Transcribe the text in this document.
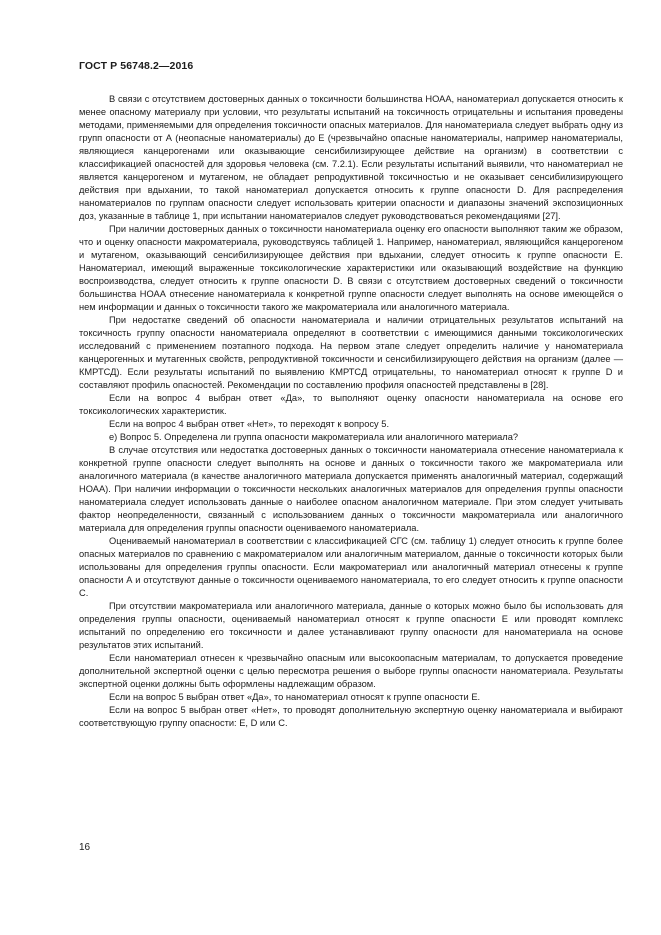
ГОСТ Р 56748.2—2016

В связи с отсутствием достоверных данных о токсичности большинства НОАА, наноматериал допускается относить к менее опасному материалу при условии, что результаты испытаний на токсичность отрицательны и испытания проведены методами, применяемыми для определения токсичности опасных материалов. Для наноматериала следует выбрать одну из групп опасности от А (неопасные наноматериалы) до Е (чрезвычайно опасные наноматериалы, например наноматериалы, являющиеся канцерогенами или оказывающие сенсибилизирующее действие на организм) в соответствии с классификацией опасностей для здоровья человека (см. 7.2.1). Если результаты испытаний выявили, что наноматериал не является канцерогеном и мутагеном, не обладает репродуктивной токсичностью и не оказывает сенсибилизирующего действия при вдыхании, то такой наноматериал допускается относить к группе опасности D. Для распределения наноматериалов по группам опасности следует использовать критерии опасности и диапазоны значений экспозиционных доз, указанные в таблице 1, при испытании наноматериалов следует руководствоваться рекомендациями [27].

При наличии достоверных данных о токсичности наноматериала оценку его опасности выполняют таким же образом, что и оценку опасности макроматериала, руководствуясь таблицей 1. Например, наноматериал, являющийся канцерогеном и мутагеном, оказывающий сенсибилизирующее действия при вдыхании, следует относить к группе опасности Е. Наноматериал, имеющий выраженные токсикологические характеристики или оказывающий воздействие на функцию воспроизводства, следует относить к группе опасности D. В связи с отсутствием достоверных сведений о токсичности большинства НОАА отнесение наноматериала к конкретной группе опасности следует выполнять на основе имеющейся о нем информации и данных о токсичности такого же макроматериала или аналогичного материала.

При недостатке сведений об опасности наноматериала и наличии отрицательных результатов испытаний на токсичность группу опасности наноматериала определяют в соответствии с имеющимися данными токсикологических исследований с применением поэтапного подхода. На первом этапе следует определить наличие у наноматериала канцерогенных и мутагенных свойств, репродуктивной токсичности и сенсибилизирующего действия на организм (далее — КМРТСД). Если результаты испытаний по выявлению КМРТСД отрицательны, то наноматериал относят к группе D и составляют профиль опасностей. Рекомендации по составлению профиля опасностей представлены в [28].

Если на вопрос 4 выбран ответ «Да», то выполняют оценку опасности наноматериала на основе его токсикологических характеристик.

Если на вопрос 4 выбран ответ «Нет», то переходят к вопросу 5.

е) Вопрос 5. Определена ли группа опасности макроматериала или аналогичного материала?

В случае отсутствия или недостатка достоверных данных о токсичности наноматериала отнесение наноматериала к конкретной группе опасности следует выполнять на основе и данных о токсичности такого же макроматериала или аналогичного материала (в качестве аналогичного материала допускается применять аналогичный материал, содержащий НОАА). При наличии информации о токсичности нескольких аналогичных материалов для определения группы опасности наноматериала следует использовать данные о наиболее опасном аналогичном материале. При этом следует учитывать фактор неопределенности, связанный с использованием данных о токсичности макроматериала или аналогичного материала для определения группы опасности оцениваемого наноматериала.

Оцениваемый наноматериал в соответствии с классификацией СГС (см. таблицу 1) следует относить к группе более опасных материалов по сравнению с макроматериалом или аналогичным материалом, данные о токсичности которых были использованы для определения группы опасности. Если макроматериал или аналогичный материал отнесены к группе опасности А и отсутствуют данные о токсичности оцениваемого наноматериала, то его следует относить к группе опасности С.

При отсутствии макроматериала или аналогичного материала, данные о которых можно было бы использовать для определения группы опасности, оцениваемый наноматериал относят к группе опасности Е или проводят комплекс испытаний по определению его токсичности и далее устанавливают группу опасности для наноматериала на основе результатов этих испытаний.

Если наноматериал отнесен к чрезвычайно опасным или высокоопасным материалам, то допускается проведение дополнительной экспертной оценки с целью пересмотра решения о выборе группы опасности наноматериала. Результаты экспертной оценки должны быть оформлены надлежащим образом.

Если на вопрос 5 выбран ответ «Да», то наноматериал относят к группе опасности Е.

Если на вопрос 5 выбран ответ «Нет», то проводят дополнительную экспертную оценку наноматериала и выбирают соответствующую группу опасности: Е, D или С.

16
